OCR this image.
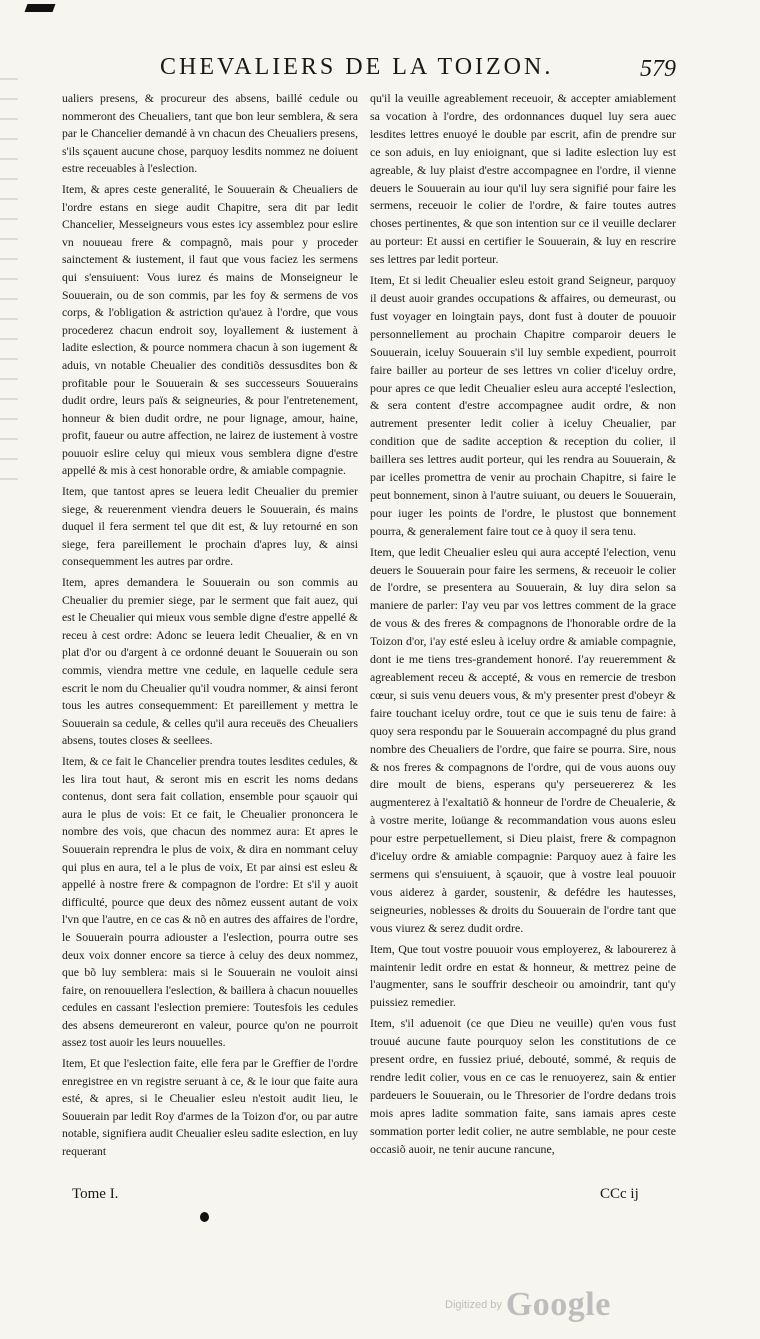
CHEVALIERS DE LA TOIZON.	579

ualiers presens, & procureur des absens, baillé cedule ou nommeront des Cheualiers, tant que bon leur semblera, & sera par le Chancelier demandé à vn chacun des Cheualiers presens, s'ils sçauent aucune chose, parquoy lesdits nommez ne doiuent estre receuables à l'eslection.

Item, & apres ceste generalité, le Souuerain & Cheualiers de l'ordre estans en siege audit Chapitre, sera dit par ledit Chancelier, Messeigneurs vous estes icy assemblez pour eslire vn nouueau frere & compagnõ, mais pour y proceder sainctement & iustement, il faut que vous faciez les sermens qui s'ensuiuent: Vous iurez és mains de Monseigneur le Souuerain, ou de son commis, par les foy & sermens de vos corps, & l'obligation & astriction qu'auez à l'ordre, que vous procederez chacun endroit soy, loyallement & iustement à ladite eslection, & pource nommera chacun à son iugement & aduis, vn notable Cheualier des conditiõs dessusdites bon & profitable pour le Souuerain & ses successeurs Souuerains dudit ordre, leurs païs & seigneuries, & pour l'entretenement, honneur & bien dudit ordre, ne pour lignage, amour, haine, profit, faueur ou autre affection, ne lairez de iustement à vostre pouuoir eslire celuy qui mieux vous semblera digne d'estre appellé & mis à cest honorable ordre, & amiable compagnie.

Item, que tantost apres se leuera ledit Cheualier du premier siege, & reuerenment viendra deuers le Souuerain, és mains duquel il fera serment tel que dit est, & luy retourné en son siege, fera pareillement le prochain d'apres luy, & ainsi consequemment les autres par ordre.

Item, apres demandera le Souuerain ou son commis au Cheualier du premier siege, par le serment que fait auez, qui est le Cheualier qui mieux vous semble digne d'estre appellé & receu à cest ordre: Adonc se leuera ledit Cheualier, & en vn plat d'or ou d'argent à ce ordonné deuant le Souuerain ou son commis, viendra mettre vne cedule, en laquelle cedule sera escrit le nom du Cheualier qu'il voudra nommer, & ainsi feront tous les autres consequemment: Et pareillement y mettra le Souuerain sa cedule, & celles qu'il aura receuës des Cheualiers absens, toutes closes & seellees.

Item, & ce fait le Chancelier prendra toutes lesdites cedules, & les lira tout haut, & seront mis en escrit les noms dedans contenus, dont sera fait collation, ensemble pour sçauoir qui aura le plus de vois: Et ce fait, le Cheualier prononcera le nombre des vois, que chacun des nommez aura: Et apres le Souuerain reprendra le plus de voix, & dira en nommant celuy qui plus en aura, tel a le plus de voix, Et par ainsi est esleu & appellé à nostre frere & compagnon de l'ordre: Et s'il y auoit difficulté, pource que deux des nõmez eussent autant de voix l'vn que l'autre, en ce cas & nõ en autres des affaires de l'ordre, le Souuerain pourra adiouster a l'eslection, pourra outre ses deux voix donner encore sa tierce à celuy des deux nommez, que bõ luy semblera: mais si le Souuerain ne vouloit ainsi faire, on renouuellera l'eslection, & baillera à chacun nouuelles cedules en cassant l'eslection premiere: Toutesfois les cedules des absens demeureront en valeur, pource qu'on ne pourroit assez tost auoir les leurs nouuelles.

Item, Et que l'eslection faite, elle fera par le Greffier de l'ordre enregistree en vn registre seruant à ce, & le iour que faite aura esté, & apres, si le Cheualier esleu n'estoit audit lieu, le Souuerain par ledit Roy d'armes de la Toizon d'or, ou par autre notable, signifiera audit Cheualier esleu sadite eslection, en luy requerant

qu'il la veuille agreablement receuoir, & accepter amiablement sa vocation à l'ordre, des ordonnances duquel luy sera auec lesdites lettres enuoyé le double par escrit, afin de prendre sur ce son aduis, en luy enioignant, que si ladite eslection luy est agreable, & luy plaist d'estre accompagnee en l'ordre, il vienne deuers le Souuerain au iour qu'il luy sera signifié pour faire les sermens, receuoir le colier de l'ordre, & faire toutes autres choses pertinentes, & que son intention sur ce il veuille declarer au porteur: Et aussi en certifier le Souuerain, & luy en rescrire ses lettres par ledit porteur.

Item, Et si ledit Cheualier esleu estoit grand Seigneur, parquoy il deust auoir grandes occupations & affaires, ou demeurast, ou fust voyager en loingtain pays, dont fust à douter de pouuoir personnellement au prochain Chapitre comparoir deuers le Souuerain, iceluy Souuerain s'il luy semble expedient, pourroit faire bailler au porteur de ses lettres vn colier d'iceluy ordre, pour apres ce que ledit Cheualier esleu aura accepté l'eslection, & sera content d'estre accompagnee audit ordre, & non autrement presenter ledit colier à iceluy Cheualier, par condition que de sadite acception & reception du colier, il baillera ses lettres audit porteur, qui les rendra au Souuerain, & par icelles promettra de venir au prochain Chapitre, si faire le peut bonnement, sinon à l'autre suiuant, ou deuers le Souuerain, pour iuger les points de l'ordre, le plustost que bonnement pourra, & generalement faire tout ce à quoy il sera tenu.

Item, que ledit Cheualier esleu qui aura accepté l'election, venu deuers le Souuerain pour faire les sermens, & receuoir le colier de l'ordre, se presentera au Souuerain, & luy dira selon sa maniere de parler: I'ay veu par vos lettres comment de la grace de vous & des freres & compagnons de l'honorable ordre de la Toizon d'or, i'ay esté esleu à iceluy ordre & amiable compagnie, dont ie me tiens tres-grandement honoré. I'ay reueremment & agreablement receu & accepté, & vous en remercie de tresbon cœur, si suis venu deuers vous, & m'y presenter prest d'obeyr & faire touchant iceluy ordre, tout ce que ie suis tenu de faire: à quoy sera respondu par le Souuerain accompagné du plus grand nombre des Cheualiers de l'ordre, que faire se pourra. Sire, nous & nos freres & compagnons de l'ordre, qui de vous auons ouy dire moult de biens, esperans qu'y perseuererez & les augmenterez à l'exaltatiõ & honneur de l'ordre de Cheualerie, & à vostre merite, loüange & recommandation vous auons esleu pour estre perpetuellement, si Dieu plaist, frere & compagnon d'iceluy ordre & amiable compagnie: Parquoy auez à faire les sermens qui s'ensuiuent, à sçauoir, que à vostre leal pouuoir vous aiderez à garder, soustenir, & defédre les hautesses, seigneuries, noblesses & droits du Souuerain de l'ordre tant que vous viurez & serez dudit ordre.

Item, Que tout vostre pouuoir vous employerez, & labourerez à maintenir ledit ordre en estat & honneur, & mettrez peine de l'augmenter, sans le souffrir descheoir ou amoindrir, tant qu'y puissiez remedier.

Item, s'il aduenoit (ce que Dieu ne veuille) qu'en vous fust trouué aucune faute pourquoy selon les constitutions de ce present ordre, en fussiez priué, debouté, sommé, & requis de rendre ledit colier, vous en ce cas le renuoyerez, sain & entier pardeuers le Souuerain, ou le Thresorier de l'ordre dedans trois mois apres ladite sommation faite, sans iamais apres ceste sommation porter ledit colier, ne autre semblable, ne pour ceste occasiõ auoir, ne tenir aucune rancune,

Tome I.	CCc ij
Digitized by Google
